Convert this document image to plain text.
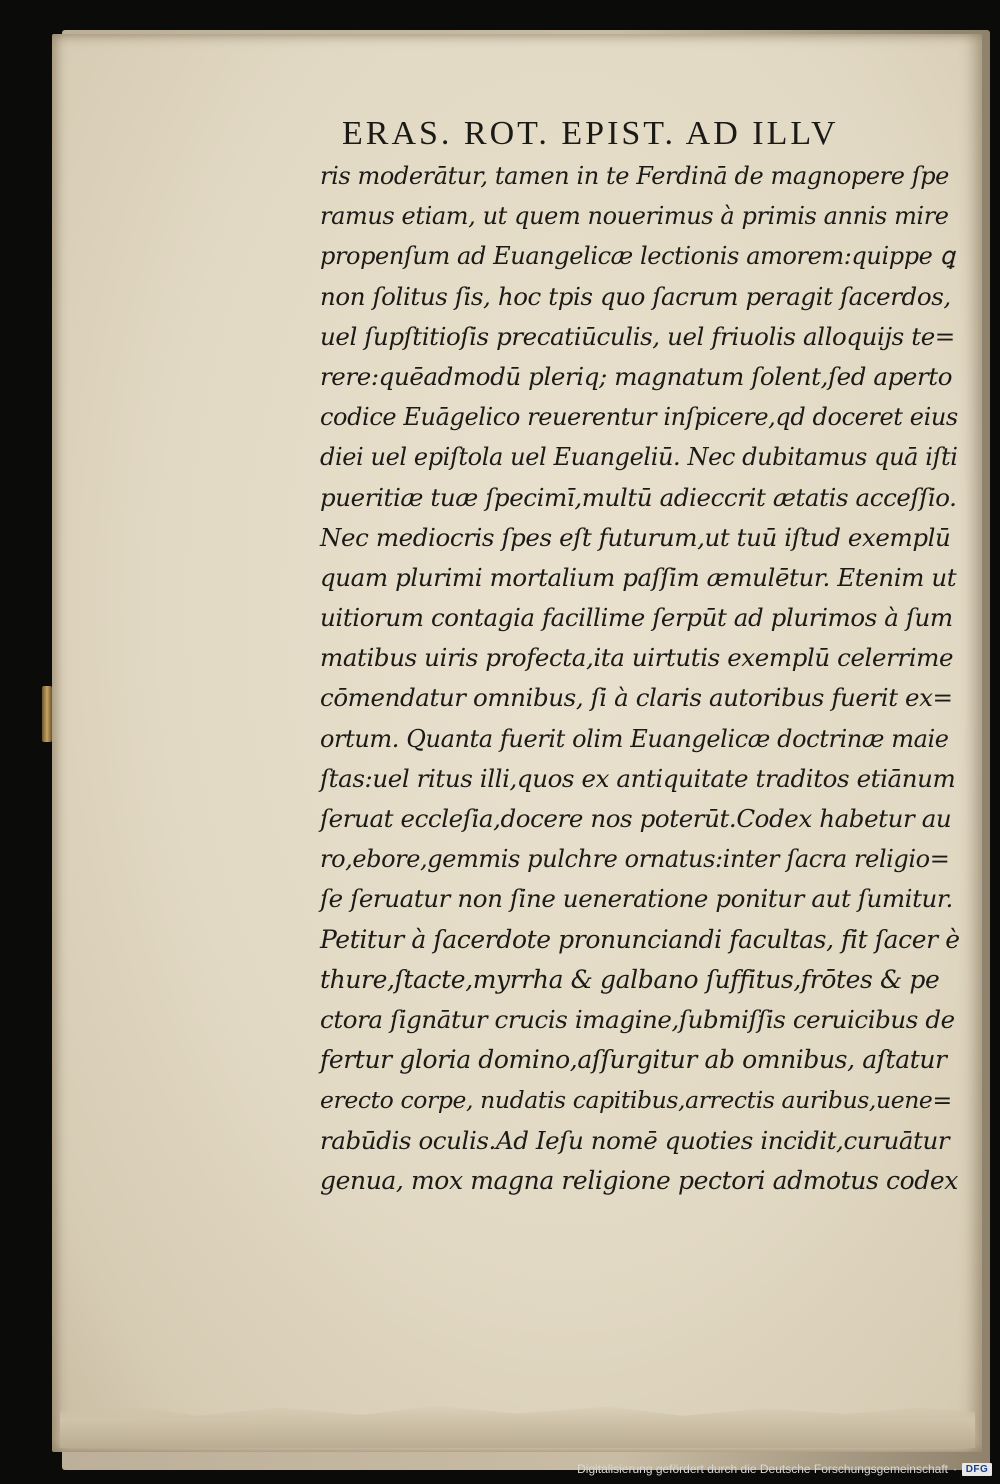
ERAS. ROT. EPIST. AD ILLV
ris moderātur, tamen in te Ferdinā de magnopere ſpe
ramus etiam, ut quem nouerimus à primis annis mire
propenſum ad Euangelicæ lectionis amorem:quippe ꝗ
non ſolitus ſis, hoc tpis quo ſacrum peragit ſacerdos,
uel ſupſtitioſis precatiūculis, uel friuolis alloquijs te=
rere:quēadmodū pleriq; magnatum ſolent,ſed aperto
codice Euāgelico reuerentur inſpicere,qd doceret eius
diei uel epiſtola uel Euangeliū. Nec dubitamus quā iſti
pueritiæ tuæ ſpecimī,multū adieccrit ætatis acceſſio.
Nec mediocris ſpes eſt futurum,ut tuū iſtud exemplū
quam plurimi mortalium paſſim æmulētur. Etenim ut
uitiorum contagia facillime ſerpūt ad plurimos à ſum
matibus uiris profecta,ita uirtutis exemplū celerrime
cōmendatur omnibus, ſi à claris autoribus fuerit ex=
ortum. Quanta fuerit olim Euangelicæ doctrinæ maie
ſtas:uel ritus illi,quos ex antiquitate traditos etiānum
ſeruat eccleſia,docere nos poterūt.Codex habetur au
ro,ebore,gemmis pulchre ornatus:inter ſacra religio=
ſe ſeruatur non ſine ueneratione ponitur aut ſumitur.
Petitur à ſacerdote pronunciandi facultas, fit ſacer è
thure,ſtacte,myrrha & galbano ſuffitus,frōtes & pe
ctora ſignātur crucis imagine,ſubmiſſis ceruicibus de
fertur gloria domino,aſſurgitur ab omnibus, aſtatur
erecto corpe, nudatis capitibus,arrectis auribus,uene=
rabūdis oculis.Ad Ieſu nomē quoties incidit,curuātur
genua, mox magna religione pectori admotus codex
Digitalisierung gefördert durch die Deutsche Forschungsgemeinschaft · DFG
